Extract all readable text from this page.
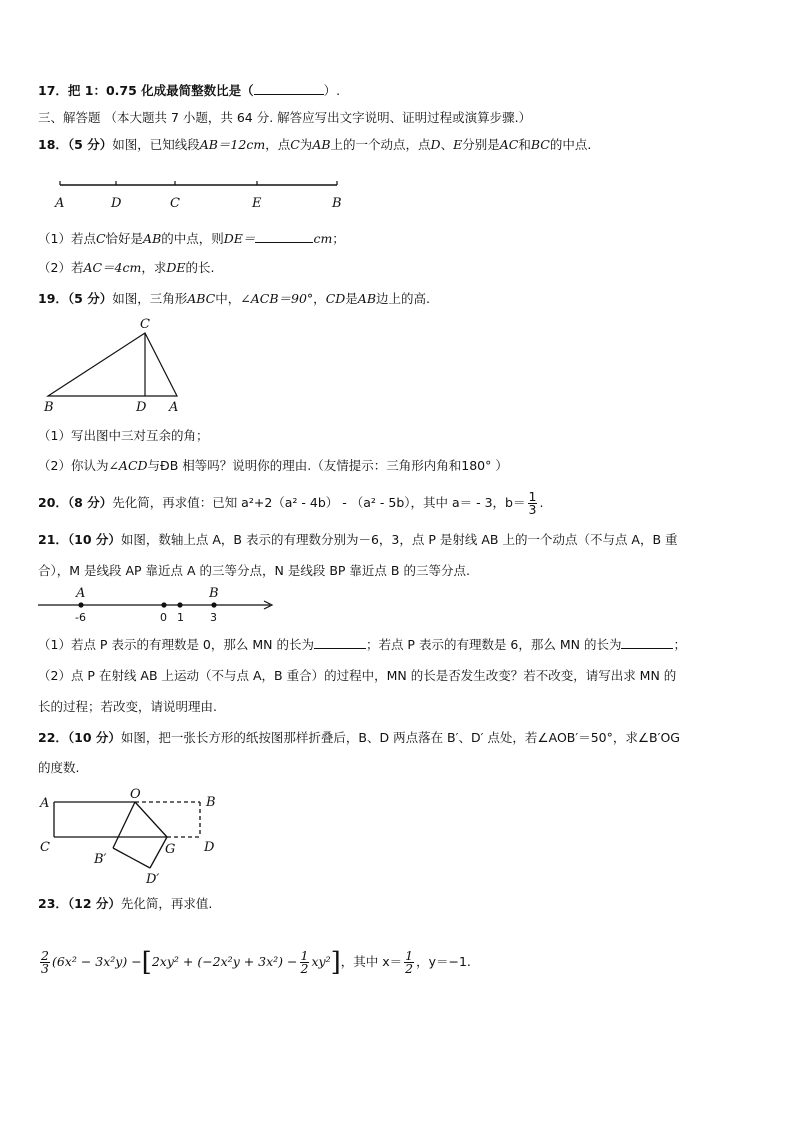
17．把 1：0.75 化成最简整数比是（	）.
三、解答题 （本大题共 7 小题，共 64 分. 解答应写出文字说明、证明过程或演算步骤.）
18．（5 分）如图，已知线段AB＝12cm，点C为AB上的一个动点，点D、E分别是AC和BC的中点.
A	D	C	E	B
（1）若点C恰好是AB的中点，则DE＝	cm；
（2）若AC＝4cm，求DE的长.
19．（5 分）如图，三角形ABC中，∠ACB＝90°，CD是AB边上的高.
C
B	D A
（1）写出图中三对互余的角；
（2）你认为∠ACD与ÐB 相等吗？说明你的理由.（友情提示：三角形内角和180° ）
20．（8 分）先化简，再求值：已知 a²+2（a² - 4b） - （a² - 5b），其中 a＝ - 3，$b= \frac{1}{3}$ .
21．（10 分）如图，数轴上点 A，B 表示的有理数分别为－6，3，点 P 是射线 AB 上的一个动点（不与点 A，B 重
合），M 是线段 AP 靠近点 A 的三等分点，N 是线段 BP 靠近点 B 的三等分点.
A	B
-6	0 1 3
（1）若点 P 表示的有理数是 0，那么 MN 的长为	；若点 P 表示的有理数是 6，那么 MN 的长为	；
（2）点 P 在射线 AB 上运动（不与点 A，B 重合）的过程中，MN 的长是否发生改变？若不改变，请写出求 MN 的
长的过程；若改变，请说明理由.
22．（10 分）如图，把一张长方形的纸按图那样折叠后，B、D 两点落在 B′、D′ 点处，若∠AOB′＝50°，求∠B′OG
的度数.
A
O
B
C	G D
B′
D′
23．（12 分）先化简，再求值.
$\frac{2}{3} (6x^2 - 3x^2y) -[2xy^2 + (-2x^2y + 3x^2) - \frac{1}{2} xy^2]$，其中 $x= \frac{1}{2}$ ，y＝−1.
